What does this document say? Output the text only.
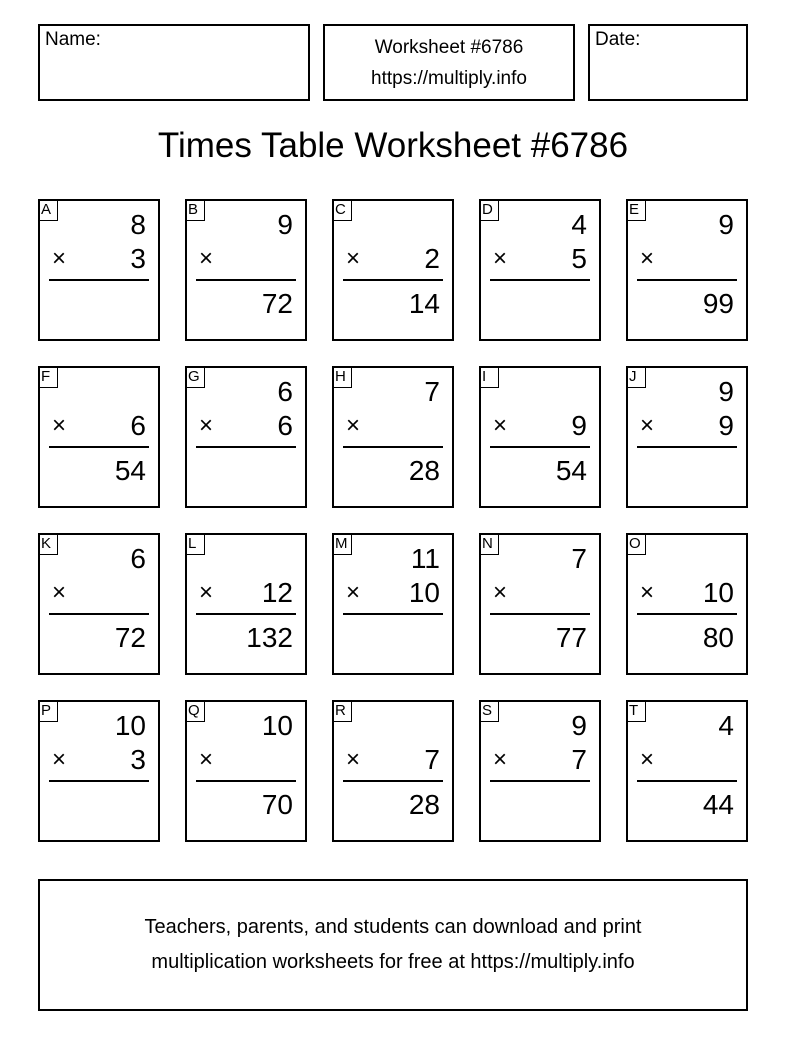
Name:	Worksheet #6786
https://multiply.info
Date:
Times Table Worksheet #6786
A	8
× 3
B	9
×
72
C
× 2
14
D	4
× 5
E	9
×
99
F
× 6
54
G	6
× 6
H	7
×
28
I
× 9
54
J	9
× 9
K	6
×
72
L
× 12
132
M 11
× 10
N	7
×
77
O
× 10
80
P 10
× 3
Q 10
×
70
R
× 7
28
S	9
× 7
T	4
×
44
Teachers, parents, and students can download and print
multiplication worksheets for free at https://multiply.info
